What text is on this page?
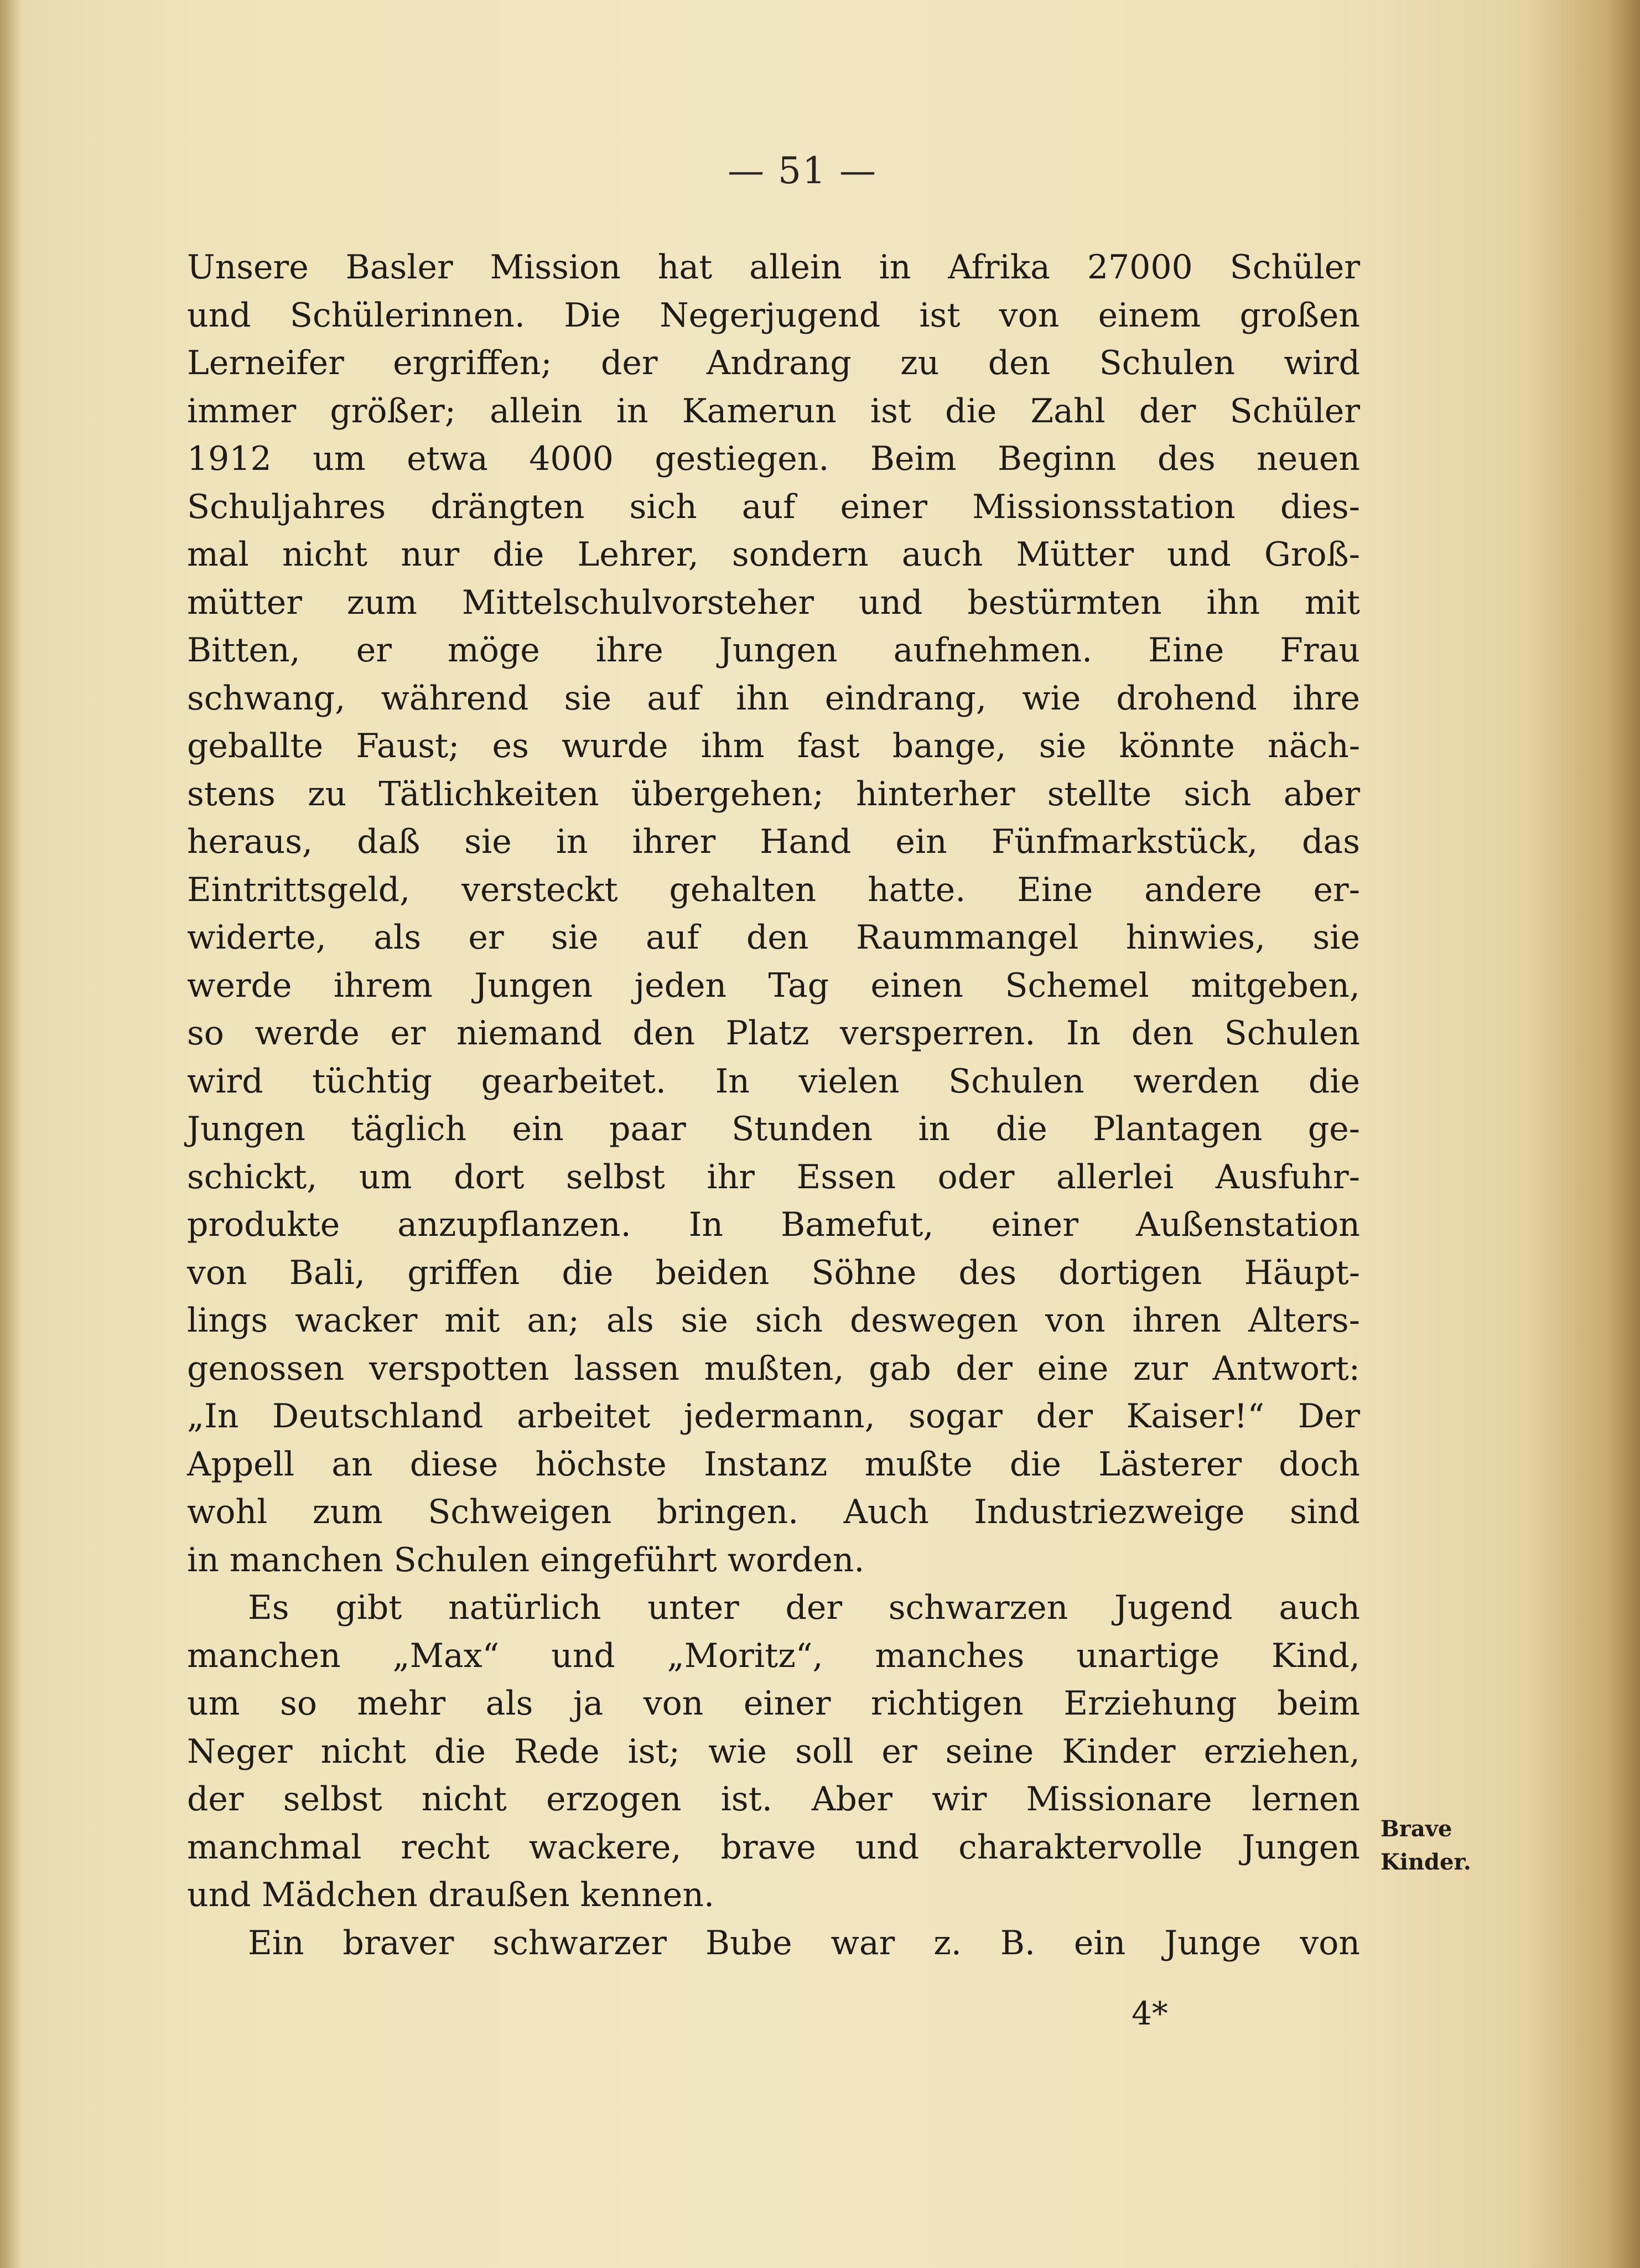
— 51 —
Unsere Basler Mission hat allein in Afrika 27000 Schüler
und Schülerinnen. Die Negerjugend ist von einem großen
Lerneifer ergriffen; der Andrang zu den Schulen wird
immer größer; allein in Kamerun ist die Zahl der Schüler
1912 um etwa 4000 gestiegen. Beim Beginn des neuen
Schuljahres drängten sich auf einer Missionsstation dies-
mal nicht nur die Lehrer, sondern auch Mütter und Groß-
mütter zum Mittelschulvorsteher und bestürmten ihn mit
Bitten, er möge ihre Jungen aufnehmen. Eine Frau
schwang, während sie auf ihn eindrang, wie drohend ihre
geballte Faust; es wurde ihm fast bange, sie könnte näch-
stens zu Tätlichkeiten übergehen; hinterher stellte sich aber
heraus, daß sie in ihrer Hand ein Fünfmarkstück, das
Eintrittsgeld, versteckt gehalten hatte. Eine andere er-
widerte, als er sie auf den Raummangel hinwies, sie
werde ihrem Jungen jeden Tag einen Schemel mitgeben,
so werde er niemand den Platz versperren. In den Schulen
wird tüchtig gearbeitet. In vielen Schulen werden die
Jungen täglich ein paar Stunden in die Plantagen ge-
schickt, um dort selbst ihr Essen oder allerlei Ausfuhr-
produkte anzupflanzen. In Bamefut, einer Außenstation
von Bali, griffen die beiden Söhne des dortigen Häupt-
lings wacker mit an; als sie sich deswegen von ihren Alters-
genossen verspotten lassen mußten, gab der eine zur Antwort:
„In Deutschland arbeitet jedermann, sogar der Kaiser!“ Der
Appell an diese höchste Instanz mußte die Lästerer doch
wohl zum Schweigen bringen. Auch Industriezweige sind
in manchen Schulen eingeführt worden.
Es gibt natürlich unter der schwarzen Jugend auch
manchen „Max“ und „Moritz“, manches unartige Kind,
um so mehr als ja von einer richtigen Erziehung beim
Neger nicht die Rede ist; wie soll er seine Kinder erziehen,
der selbst nicht erzogen ist. Aber wir Missionare lernen
manchmal recht wackere, brave und charaktervolle Jungen
und Mädchen draußen kennen.
Ein braver schwarzer Bube war z. B. ein Junge von
Brave
Kinder.
4*
